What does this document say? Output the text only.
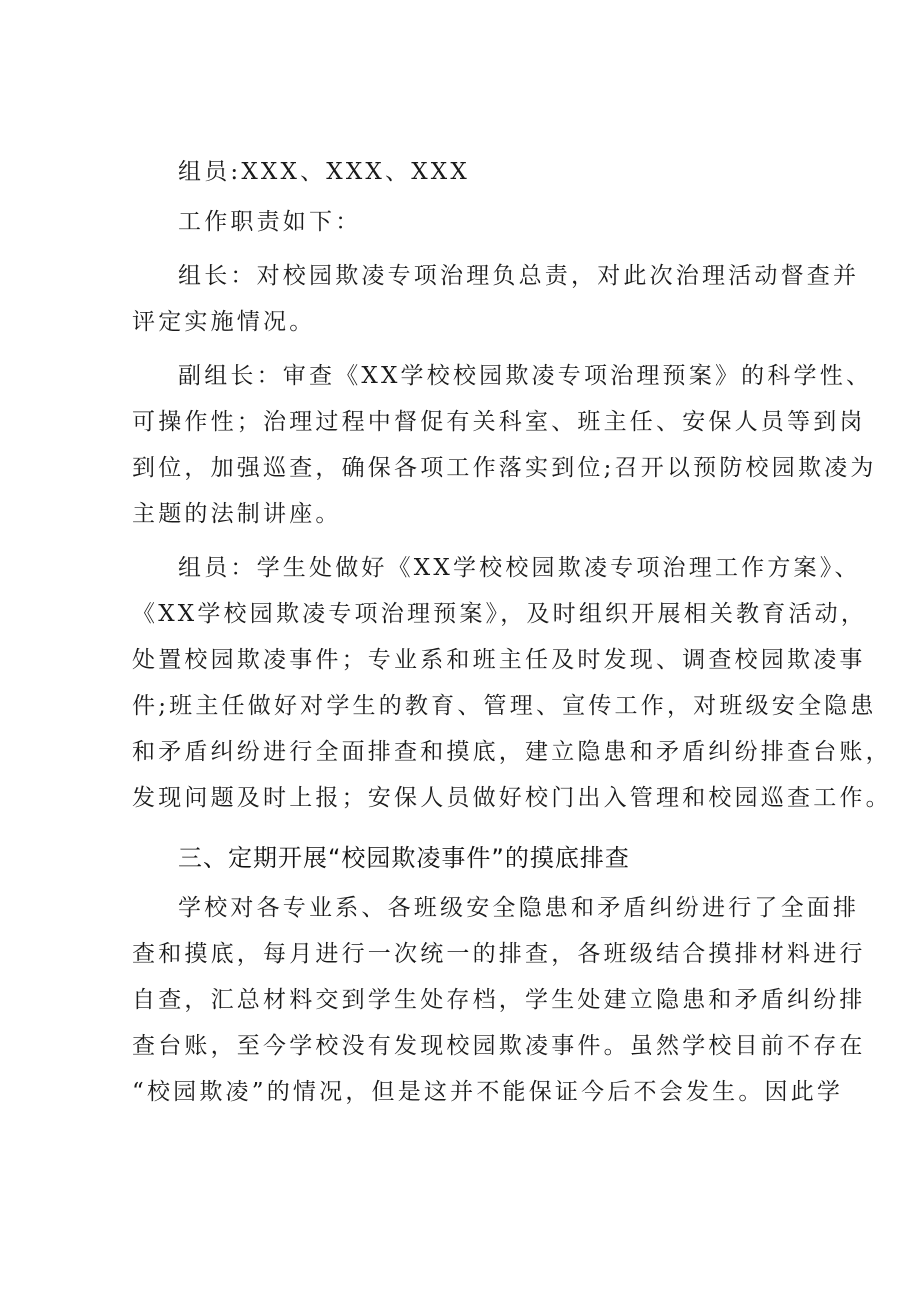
组员:XXX、XXX、XXX
工作职责如下：
组长：对校园欺凌专项治理负总责，对此次治理活动督查并
评定实施情况。
副组长：审查《XX学校校园欺凌专项治理预案》的科学性、
可操作性；治理过程中督促有关科室、班主任、安保人员等到岗
到位，加强巡查，确保各项工作落实到位;召开以预防校园欺凌为
主题的法制讲座。
组员：学生处做好《XX学校校园欺凌专项治理工作方案》、
《XX学校园欺凌专项治理预案》，及时组织开展相关教育活动，
处置校园欺凌事件；专业系和班主任及时发现、调查校园欺凌事
件;班主任做好对学生的教育、管理、宣传工作，对班级安全隐患
和矛盾纠纷进行全面排查和摸底，建立隐患和矛盾纠纷排查台账，
发现问题及时上报；安保人员做好校门出入管理和校园巡查工作。
三、定期开展“校园欺凌事件”的摸底排查
学校对各专业系、各班级安全隐患和矛盾纠纷进行了全面排
查和摸底，每月进行一次统一的排查，各班级结合摸排材料进行
自查，汇总材料交到学生处存档，学生处建立隐患和矛盾纠纷排
查台账，至今学校没有发现校园欺凌事件。虽然学校目前不存在
“校园欺凌”的情况，但是这并不能保证今后不会发生。因此学
